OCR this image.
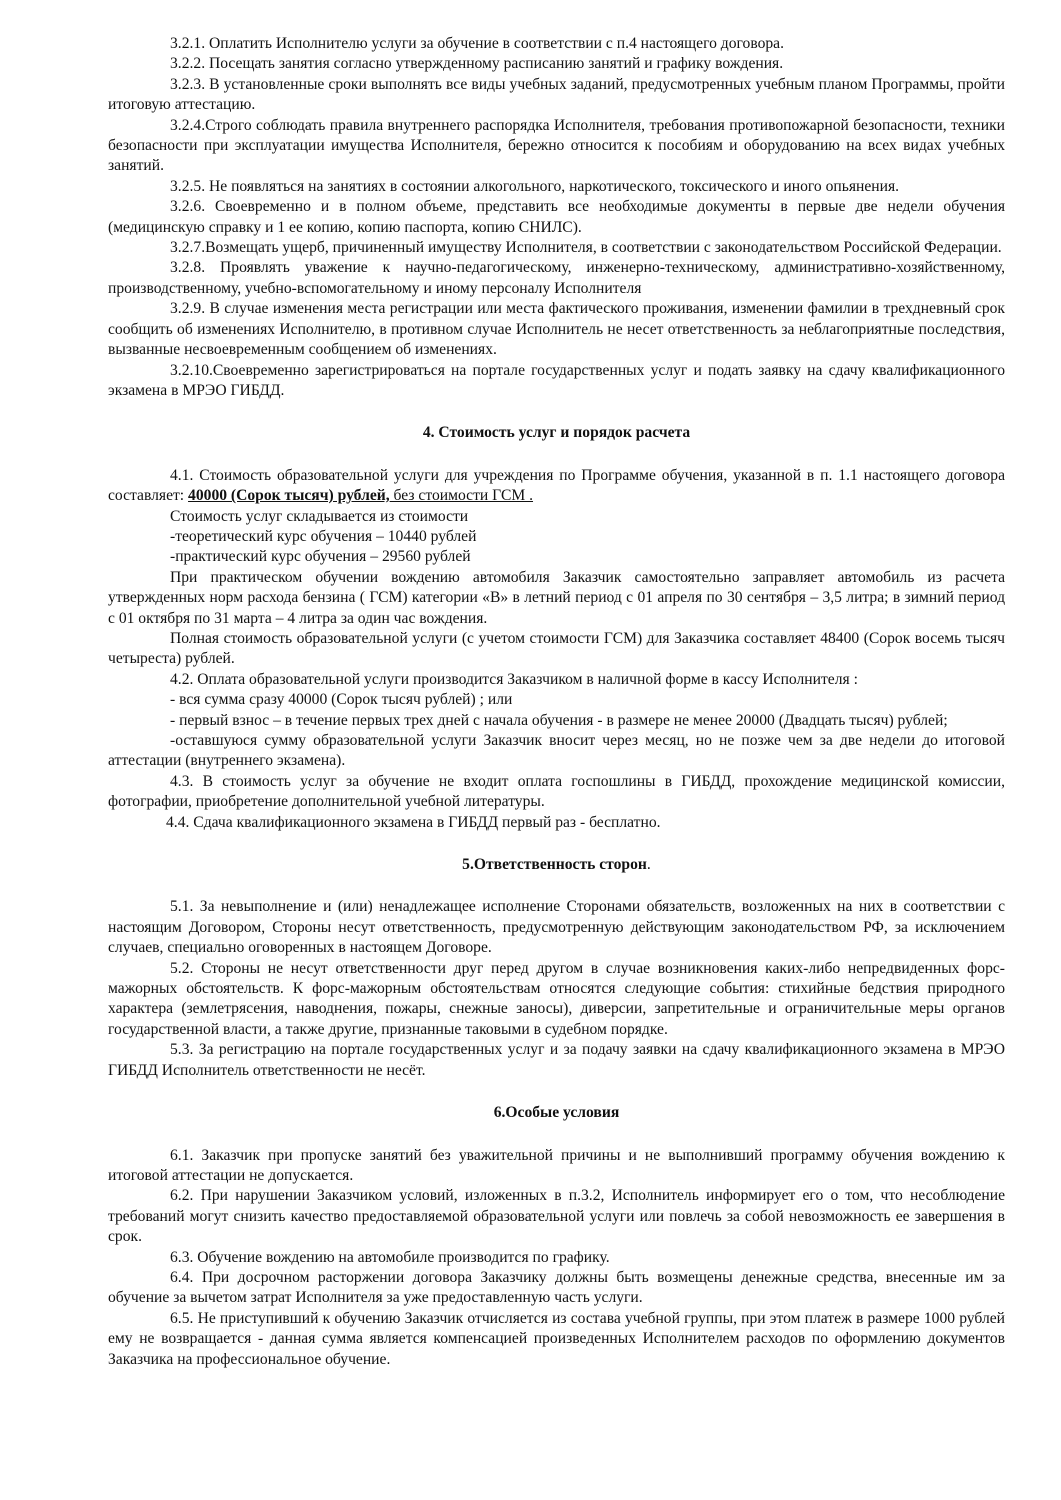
3.2.1. Оплатить Исполнителю услуги за обучение в соответствии с п.4 настоящего договора.

3.2.2. Посещать занятия согласно утвержденному расписанию занятий и графику вождения.

3.2.3. В установленные сроки выполнять все виды учебных заданий, предусмотренных учебным планом Программы, пройти итоговую аттестацию.

3.2.4.Строго соблюдать правила внутреннего распорядка Исполнителя, требования противопожарной безопасности, техники безопасности при эксплуатации имущества Исполнителя, бережно относится к пособиям и оборудованию на всех видах учебных занятий.

3.2.5. Не появляться на занятиях в состоянии алкогольного, наркотического, токсического и иного опьянения.

3.2.6. Своевременно и в полном объеме, представить все необходимые документы в первые две недели обучения (медицинскую справку и 1 ее копию, копию паспорта, копию СНИЛС).

3.2.7.Возмещать ущерб, причиненный имуществу Исполнителя, в соответствии с законодательством Российской Федерации.

3.2.8. Проявлять уважение к научно-педагогическому, инженерно-техническому, административно-хозяйственному, производственному, учебно-вспомогательному и иному персоналу Исполнителя

3.2.9. В случае изменения места регистрации или места фактического проживания, изменении фамилии в трехдневный срок сообщить об изменениях Исполнителю, в противном случае Исполнитель не несет ответственность за неблагоприятные последствия, вызванные несвоевременным сообщением об изменениях.

3.2.10.Своевременно зарегистрироваться на портале государственных услуг и подать заявку на сдачу квалификационного экзамена в МРЭО ГИБДД.

4. Стоимость услуг и порядок расчета

4.1. Стоимость образовательной услуги для учреждения по Программе обучения, указанной в п. 1.1 настоящего договора составляет: 40000 (Сорок тысяч) рублей, без стоимости ГСМ .

Стоимость услуг складывается из стоимости

-теоретический курс обучения – 10440 рублей

-практический курс обучения – 29560 рублей

При практическом обучении вождению автомобиля Заказчик самостоятельно заправляет автомобиль из расчета утвержденных норм расхода бензина ( ГСМ) категории «В» в летний период с 01 апреля по 30 сентября – 3,5 литра; в зимний период с 01 октября по 31 марта – 4 литра за один час вождения.

Полная стоимость образовательной услуги (с учетом стоимости ГСМ) для Заказчика составляет 48400 (Сорок восемь тысяч четыреста) рублей.

4.2. Оплата образовательной услуги производится Заказчиком в наличной форме в кассу Исполнителя :

- вся сумма сразу 40000 (Сорок тысяч рублей) ; или

- первый взнос – в течение первых трех дней с начала обучения - в размере не менее 20000 (Двадцать тысяч) рублей;

-оставшуюся сумму образовательной услуги Заказчик вносит через месяц, но не позже чем за две недели до итоговой аттестации (внутреннего экзамена).

4.3. В стоимость услуг за обучение не входит оплата госпошлины в ГИБДД, прохождение медицинской комиссии, фотографии, приобретение дополнительной учебной литературы.

4.4. Сдача квалификационного экзамена в ГИБДД первый раз - бесплатно.

5.Ответственность сторон.

5.1. За невыполнение и (или) ненадлежащее исполнение Сторонами обязательств, возложенных на них в соответствии с настоящим Договором, Стороны несут ответственность, предусмотренную действующим законодательством РФ, за исключением случаев, специально оговоренных в настоящем Договоре.

5.2. Стороны не несут ответственности друг перед другом в случае возникновения каких-либо непредвиденных форс-мажорных обстоятельств. К форс-мажорным обстоятельствам относятся следующие события: стихийные бедствия природного характера (землетрясения, наводнения, пожары, снежные заносы), диверсии, запретительные и ограничительные меры органов государственной власти, а также другие, признанные таковыми в судебном порядке.

5.3. За регистрацию на портале государственных услуг и за подачу заявки на сдачу квалификационного экзамена в МРЭО ГИБДД Исполнитель ответственности не несёт.

6.Особые условия

6.1. Заказчик при пропуске занятий без уважительной причины и не выполнивший программу обучения вождению к итоговой аттестации не допускается.

6.2. При нарушении Заказчиком условий, изложенных в п.3.2, Исполнитель информирует его о том, что несоблюдение требований могут снизить качество предоставляемой образовательной услуги или повлечь за собой невозможность ее завершения в срок.

6.3. Обучение вождению на автомобиле производится по графику.

6.4. При досрочном расторжении договора Заказчику должны быть возмещены денежные средства, внесенные им за обучение за вычетом затрат Исполнителя за уже предоставленную часть услуги.

6.5. Не приступивший к обучению Заказчик отчисляется из состава учебной группы, при этом платеж в размере 1000 рублей ему не возвращается - данная сумма является компенсацией произведенных Исполнителем расходов по оформлению документов Заказчика на профессиональное обучение.
